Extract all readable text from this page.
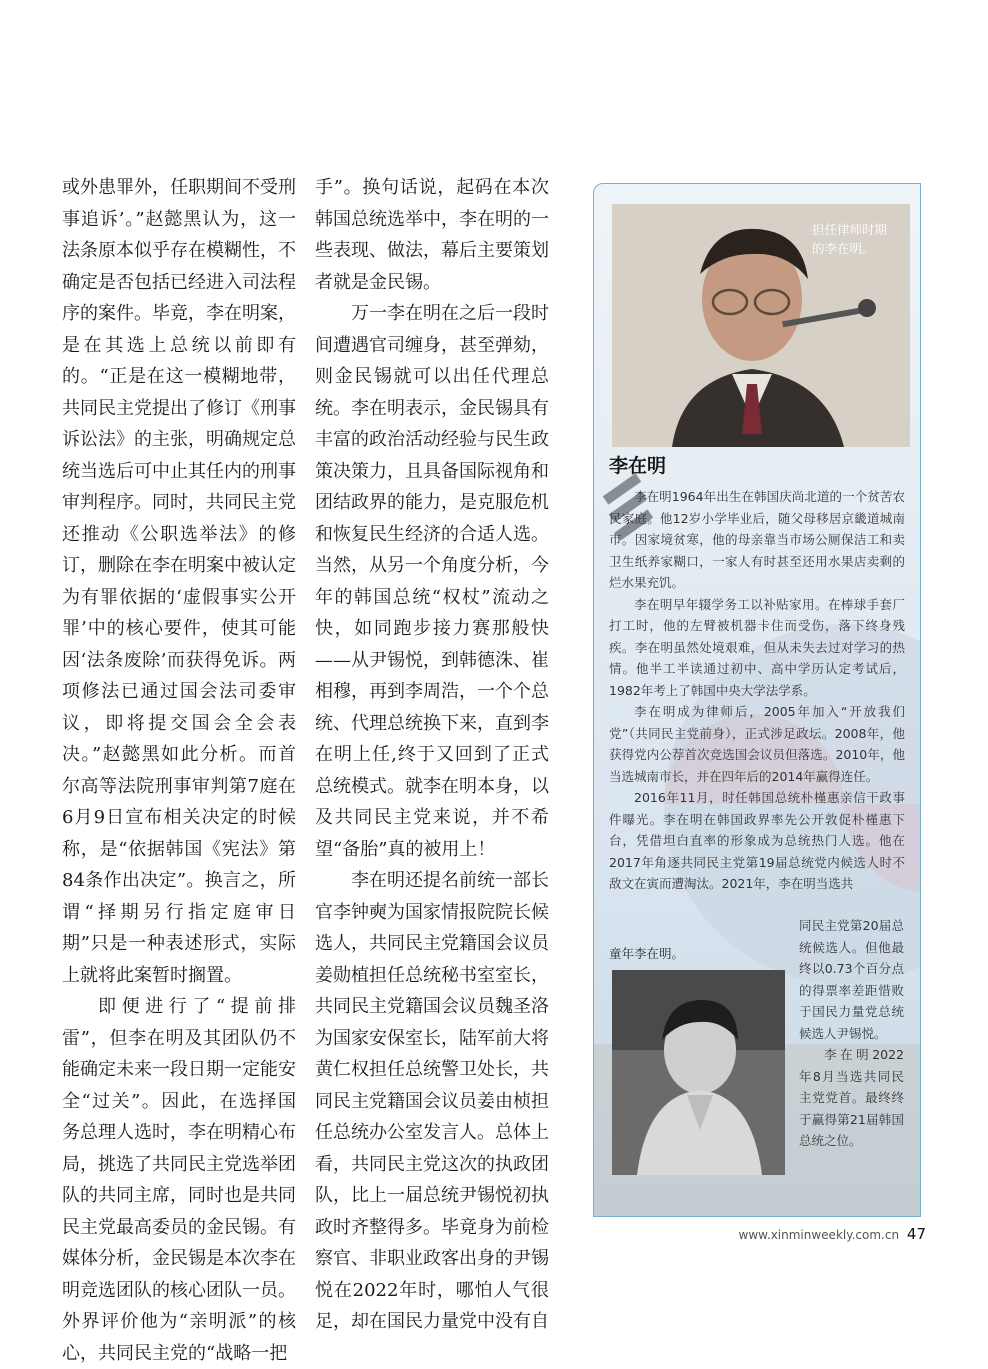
或外患罪外，任职期间不受刑事追诉’。”赵懿黑认为，这一法条原本似乎存在模糊性，不确定是否包括已经进入司法程序的案件。毕竟，李在明案，是在其选上总统以前即有的。“正是在这一模糊地带，共同民主党提出了修订《刑事诉讼法》的主张，明确规定总统当选后可中止其任内的刑事审判程序。同时，共同民主党还推动《公职选举法》的修订，删除在李在明案中被认定为有罪依据的‘虚假事实公开罪’中的核心要件，使其可能因‘法条废除’而获得免诉。两项修法已通过国会法司委审议，即将提交国会全会表决。”赵懿黑如此分析。而首尔高等法院刑事审判第7庭在6月9日宣布相关决定的时候称，是“依据韩国《宪法》第84条作出决定”。换言之，所谓“择期另行指定庭审日期”只是一种表述形式，实际上就将此案暂时搁置。

即便进行了“提前排雷”，但李在明及其团队仍不能确定未来一段日期一定能安全“过关”。因此，在选择国务总理人选时，李在明精心布局，挑选了共同民主党选举团队的共同主席，同时也是共同民主党最高委员的金民锡。有媒体分析，金民锡是本次李在明竞选团队的核心团队一员。外界评价他为“亲明派”的核心，共同民主党的“战略一把

手”。换句话说，起码在本次韩国总统选举中，李在明的一些表现、做法，幕后主要策划者就是金民锡。

万一李在明在之后一段时间遭遇官司缠身，甚至弹劾，则金民锡就可以出任代理总统。李在明表示，金民锡具有丰富的政治活动经验与民生政策决策力，且具备国际视角和团结政界的能力，是克服危机和恢复民生经济的合适人选。当然，从另一个角度分析，今年的韩国总统“权杖”流动之快，如同跑步接力赛那般快——从尹锡悦，到韩德洙、崔相穆，再到李周浩，一个个总统、代理总统换下来，直到李在明上任,终于又回到了正式总统模式。就李在明本身，以及共同民主党来说，并不希望“备胎”真的被用上！

李在明还提名前统一部长官李钟奭为国家情报院院长候选人，共同民主党籍国会议员姜勋植担任总统秘书室室长，共同民主党籍国会议员魏圣洛为国家安保室长，陆军前大将黄仁权担任总统警卫处长，共同民主党籍国会议员姜由桢担任总统办公室发言人。总体上看，共同民主党这次的执政团队，比上一届总统尹锡悦初执政时齐整得多。毕竟身为前检察官、非职业政客出身的尹锡悦在2022年时，哪怕人气很足，却在国民力量党中没有自

担任律师时期的李在明。
李在明

李在明1964年出生在韩国庆尚北道的一个贫苦农民家庭。他12岁小学毕业后，随父母移居京畿道城南市。因家境贫寒，他的母亲靠当市场公厕保洁工和卖卫生纸养家糊口，一家人有时甚至还用水果店卖剩的烂水果充饥。

李在明早年辍学务工以补贴家用。在棒球手套厂打工时，他的左臂被机器卡住而受伤，落下终身残疾。李在明虽然处境艰难，但从未失去过对学习的热情。他半工半读通过初中、高中学历认定考试后，1982年考上了韩国中央大学法学系。

李在明成为律师后，2005年加入“开放我们党”（共同民主党前身），正式涉足政坛。2008年，他获得党内公荐首次竞选国会议员但落选。2010年，他当选城南市长，并在四年后的2014年赢得连任。

2016年11月，时任韩国总统朴槿惠亲信干政事件曝光。李在明在韩国政界率先公开敦促朴槿惠下台，凭借坦白直率的形象成为总统热门人选。他在2017年角逐共同民主党第19届总统党内候选人时不敌文在寅而遭淘汰。2021年，李在明当选共

童年李在明。

同民主党第20届总统候选人。但他最终以0.73个百分点的得票率差距惜败于国民力量党总统候选人尹锡悦。

李在明2022年8月当选共同民主党党首。最终终于赢得第21届韩国总统之位。

www.xinminweekly.com.cn 47
